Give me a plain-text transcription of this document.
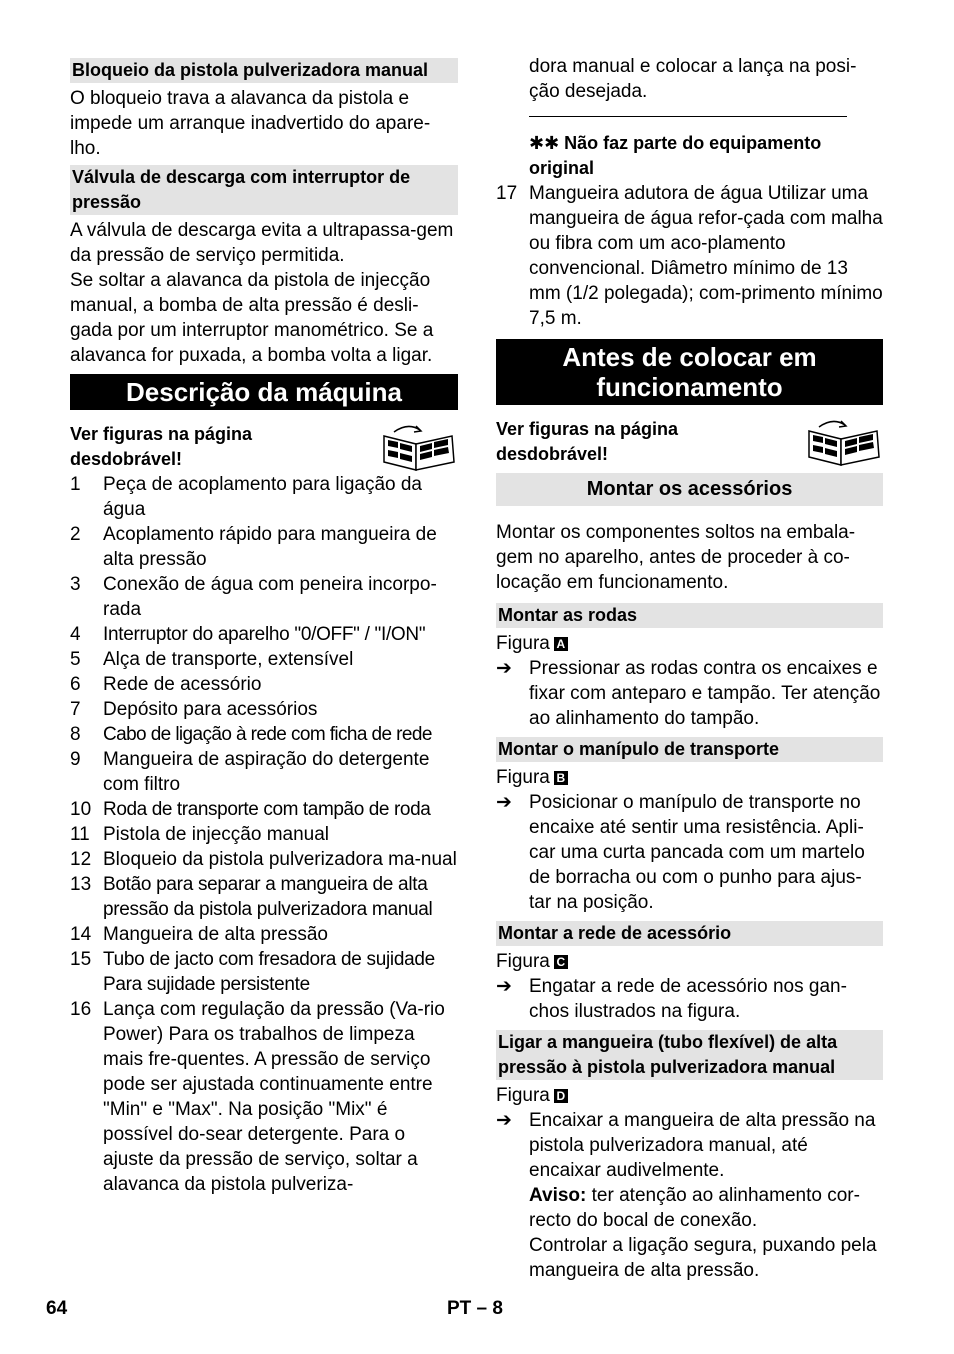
Bloqueio da pistola pulverizadora manual

O bloqueio trava a alavanca da pistola e impede um arranque inadvertido do apare-lho.

Válvula de descarga com interruptor de pressão

A válvula de descarga evita a ultrapassa-gem da pressão de serviço permitida.

Se soltar a alavanca da pistola de injecção manual, a bomba de alta pressão é desli-gada por um interruptor manométrico. Se a alavanca for puxada, a bomba volta a ligar.

Descrição da máquina
Ver figuras na página desdobrável!
1	Peça de acoplamento para ligação da água
2	Acoplamento rápido para mangueira de alta pressão
3	Conexão de água com peneira incorpo-rada
4	Interruptor do aparelho "0/OFF" / "I/ON"
5	Alça de transporte, extensível
6	Rede de acessório
7	Depósito para acessórios
8	Cabo de ligação à rede com ficha de rede
9	Mangueira de aspiração do detergente com filtro
10 Roda de transporte com tampão de roda
11 Pistola de injecção manual
12 Bloqueio da pistola pulverizadora ma-nual
13 Botão para separar a mangueira de alta pressão da pistola pulverizadora manual
14 Mangueira de alta pressão
15 Tubo de jacto com fresadora de sujidade Para sujidade persistente
16 Lança com regulação da pressão (Va-rio Power) Para os trabalhos de limpeza mais fre-quentes. A pressão de serviço pode ser ajustada continuamente entre "Min" e "Max". Na posição "Mix" é possível do-sear detergente. Para o ajuste da pressão de serviço, soltar a alavanca da pistola pulveriza-
dora manual e colocar a lança na posi-ção desejada.
✱✱ Não faz parte do equipamento original
17 Mangueira adutora de água Utilizar uma mangueira de água refor-çada com malha ou fibra com um aco-plamento convencional. Diâmetro mínimo de 13 mm (1/2 polegada); com-primento mínimo 7,5 m.
Antes de colocar em funcionamento
Ver figuras na página desdobrável!
Montar os acessórios

Montar os componentes soltos na embala-gem no aparelho, antes de proceder à co-locação em funcionamento.

Montar as rodas
Figura A
➔ Pressionar as rodas contra os encaixes e fixar com anteparo e tampão. Ter atenção ao alinhamento do tampão.
Montar o manípulo de transporte
Figura B
➔ Posicionar o manípulo de transporte no encaixe até sentir uma resistência. Apli-car uma curta pancada com um martelo de borracha ou com o punho para ajus-tar na posição.
Montar a rede de acessório
Figura C
➔ Engatar a rede de acessório nos gan-chos ilustrados na figura.
Ligar a mangueira (tubo flexível) de alta pressão à pistola pulverizadora manual
Figura D
➔ Encaixar a mangueira de alta pressão na pistola pulverizadora manual, até encaixar audivelmente.
Aviso: ter atenção ao alinhamento cor-recto do bocal de conexão.
Controlar a ligação segura, puxando pela mangueira de alta pressão.
64	PT – 8
